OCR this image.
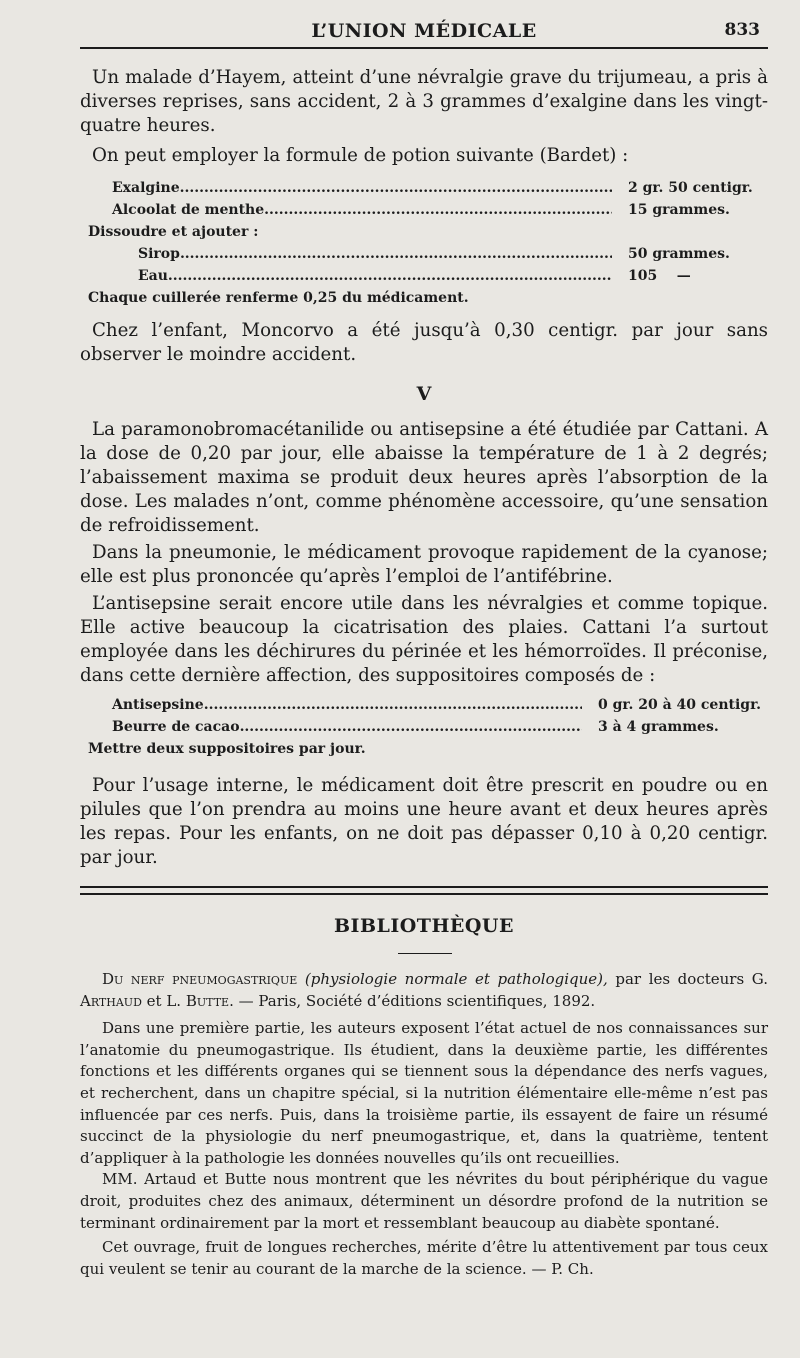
L’UNION MÉDICALE	833

Un malade d’Hayem, atteint d’une névralgie grave du trijumeau, a pris à diverses reprises, sans accident, 2 à 3 grammes d’exalgine dans les vingt-quatre heures.

On peut employer la formule de potion suivante (Bardet) :

Exalgine .....	2 gr. 50 centigr.
Alcoolat de menthe .....	15 grammes.
Dissoudre et ajouter :
Sirop .....	50 grammes.
Eau .....	105    —
Chaque cuillerée renferme 0,25 du médicament.

Chez l’enfant, Moncorvo a été jusqu’à 0,30 centigr. par jour sans observer le moindre accident.

V

La paramonobromacétanilide ou antisepsine a été étudiée par Cattani. A la dose de 0,20 par jour, elle abaisse la température de 1 à 2 degrés; l’abaissement maxima se produit deux heures après l’absorption de la dose. Les malades n’ont, comme phénomène accessoire, qu’une sensation de refroidissement.

Dans la pneumonie, le médicament provoque rapidement de la cyanose; elle est plus prononcée qu’après l’emploi de l’antifébrine.

L’antisepsine serait encore utile dans les névralgies et comme topique. Elle active beaucoup la cicatrisation des plaies. Cattani l’a surtout employée dans les déchirures du périnée et les hémorroïdes. Il préconise, dans cette dernière affection, des suppositoires composés de :

Antisepsine .....	0 gr. 20 à 40 centigr.
Beurre de cacao .....	3 à 4 grammes.
Mettre deux suppositoires par jour.

Pour l’usage interne, le médicament doit être prescrit en poudre ou en pilules que l’on prendra au moins une heure avant et deux heures après les repas. Pour les enfants, on ne doit pas dépasser 0,10 à 0,20 centigr. par jour.

BIBLIOTHÈQUE

Du nerf pneumogastrique (physiologie normale et pathologique), par les docteurs G. Arthaud et L. Butte. — Paris, Société d’éditions scientifiques, 1892.

Dans une première partie, les auteurs exposent l’état actuel de nos connaissances sur l’anatomie du pneumogastrique. Ils étudient, dans la deuxième partie, les différentes fonctions et les différents organes qui se tiennent sous la dépendance des nerfs vagues, et recherchent, dans un chapitre spécial, si la nutrition élémentaire elle-même n’est pas influencée par ces nerfs. Puis, dans la troisième partie, ils essayent de faire un résumé succinct de la physiologie du nerf pneumogastrique, et, dans la quatrième, tentent d’appliquer à la pathologie les données nouvelles qu’ils ont recueillies.

MM. Artaud et Butte nous montrent que les névrites du bout périphérique du vague droit, produites chez des animaux, déterminent un désordre profond de la nutrition se terminant ordinairement par la mort et ressemblant beaucoup au diabète spontané.

Cet ouvrage, fruit de longues recherches, mérite d’être lu attentivement par tous ceux qui veulent se tenir au courant de la marche de la science. — P. Ch.
